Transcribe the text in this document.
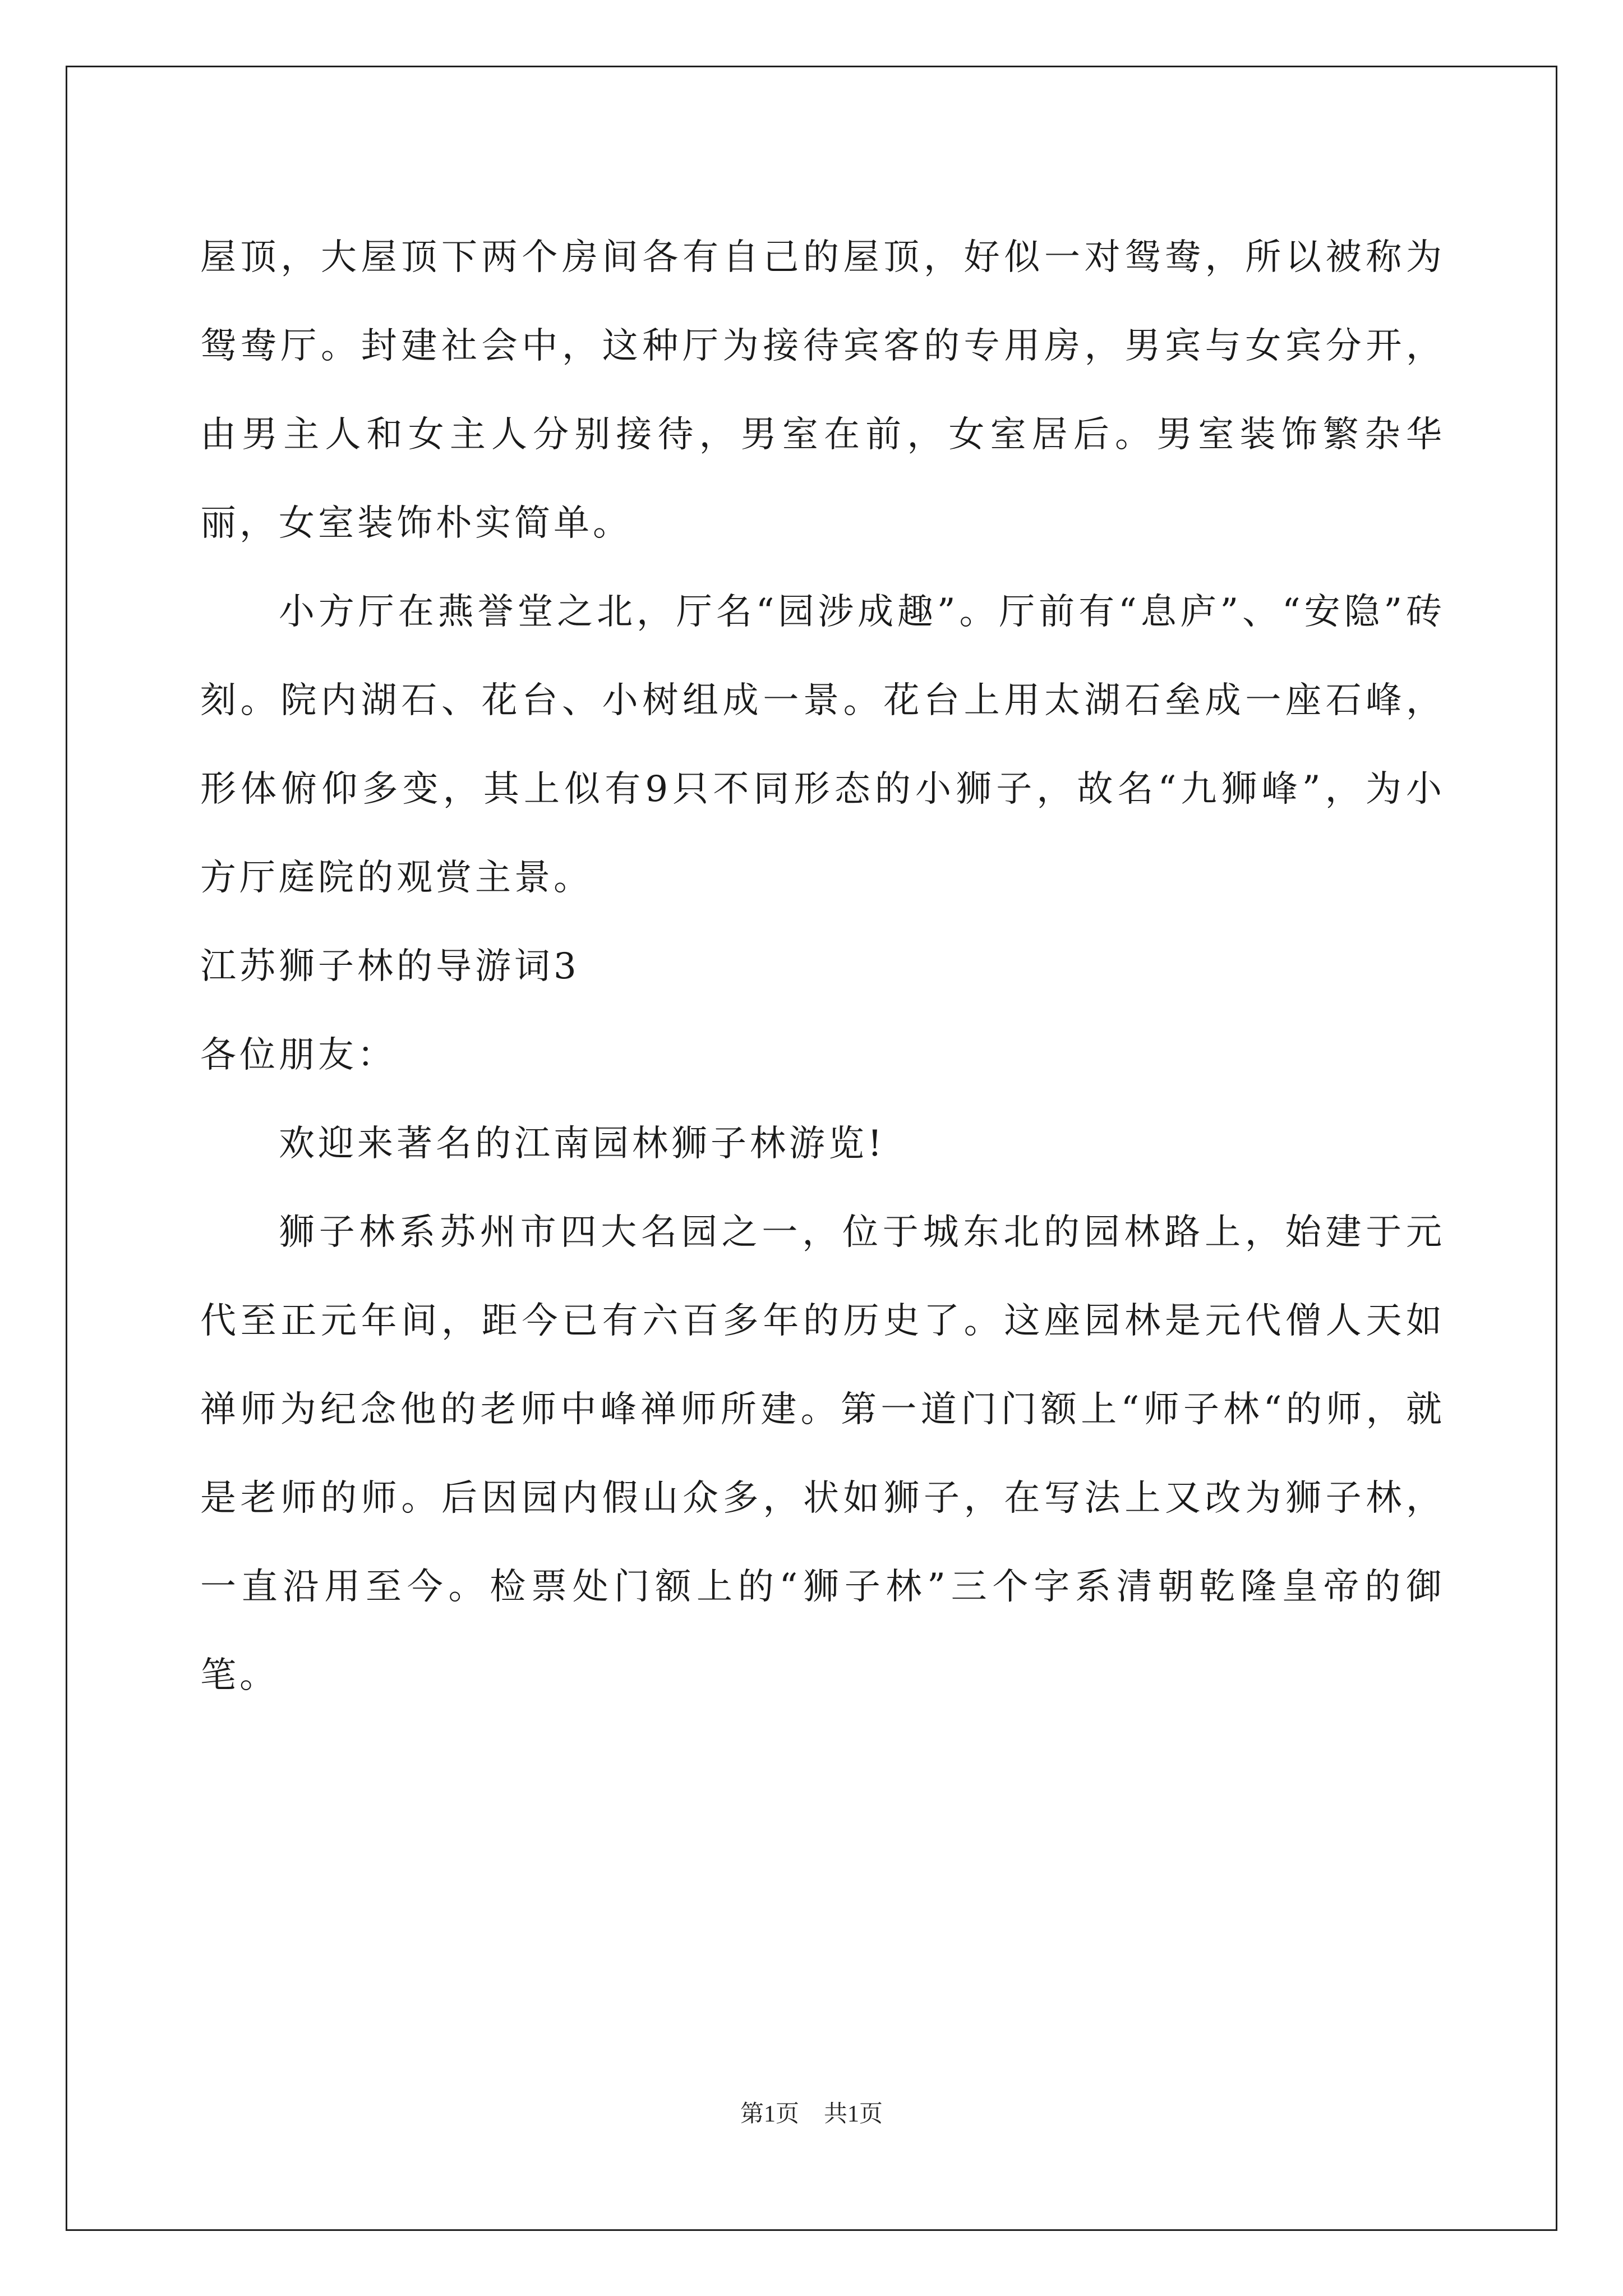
屋顶，大屋顶下两个房间各有自己的屋顶，好似一对鸳鸯，所以被称为鸳鸯厅。封建社会中，这种厅为接待宾客的专用房，男宾与女宾分开，由男主人和女主人分别接待，男室在前，女室居后。男室装饰繁杂华丽，女室装饰朴实简单。

小方厅在燕誉堂之北，厅名“园涉成趣”。厅前有“息庐”、“安隐”砖刻。院内湖石、花台、小树组成一景。花台上用太湖石垒成一座石峰，形体俯仰多变，其上似有9只不同形态的小狮子，故名“九狮峰”，为小方厅庭院的观赏主景。

江苏狮子林的导游词3

各位朋友：

欢迎来著名的江南园林狮子林游览!

狮子林系苏州市四大名园之一，位于城东北的园林路上，始建于元代至正元年间，距今已有六百多年的历史了。这座园林是元代僧人天如禅师为纪念他的老师中峰禅师所建。第一道门门额上“师子林“的师，就是老师的师。后因园内假山众多，状如狮子，在写法上又改为狮子林，一直沿用至今。检票处门额上的“狮子林”三个字系清朝乾隆皇帝的御笔。

第1页 共1页
